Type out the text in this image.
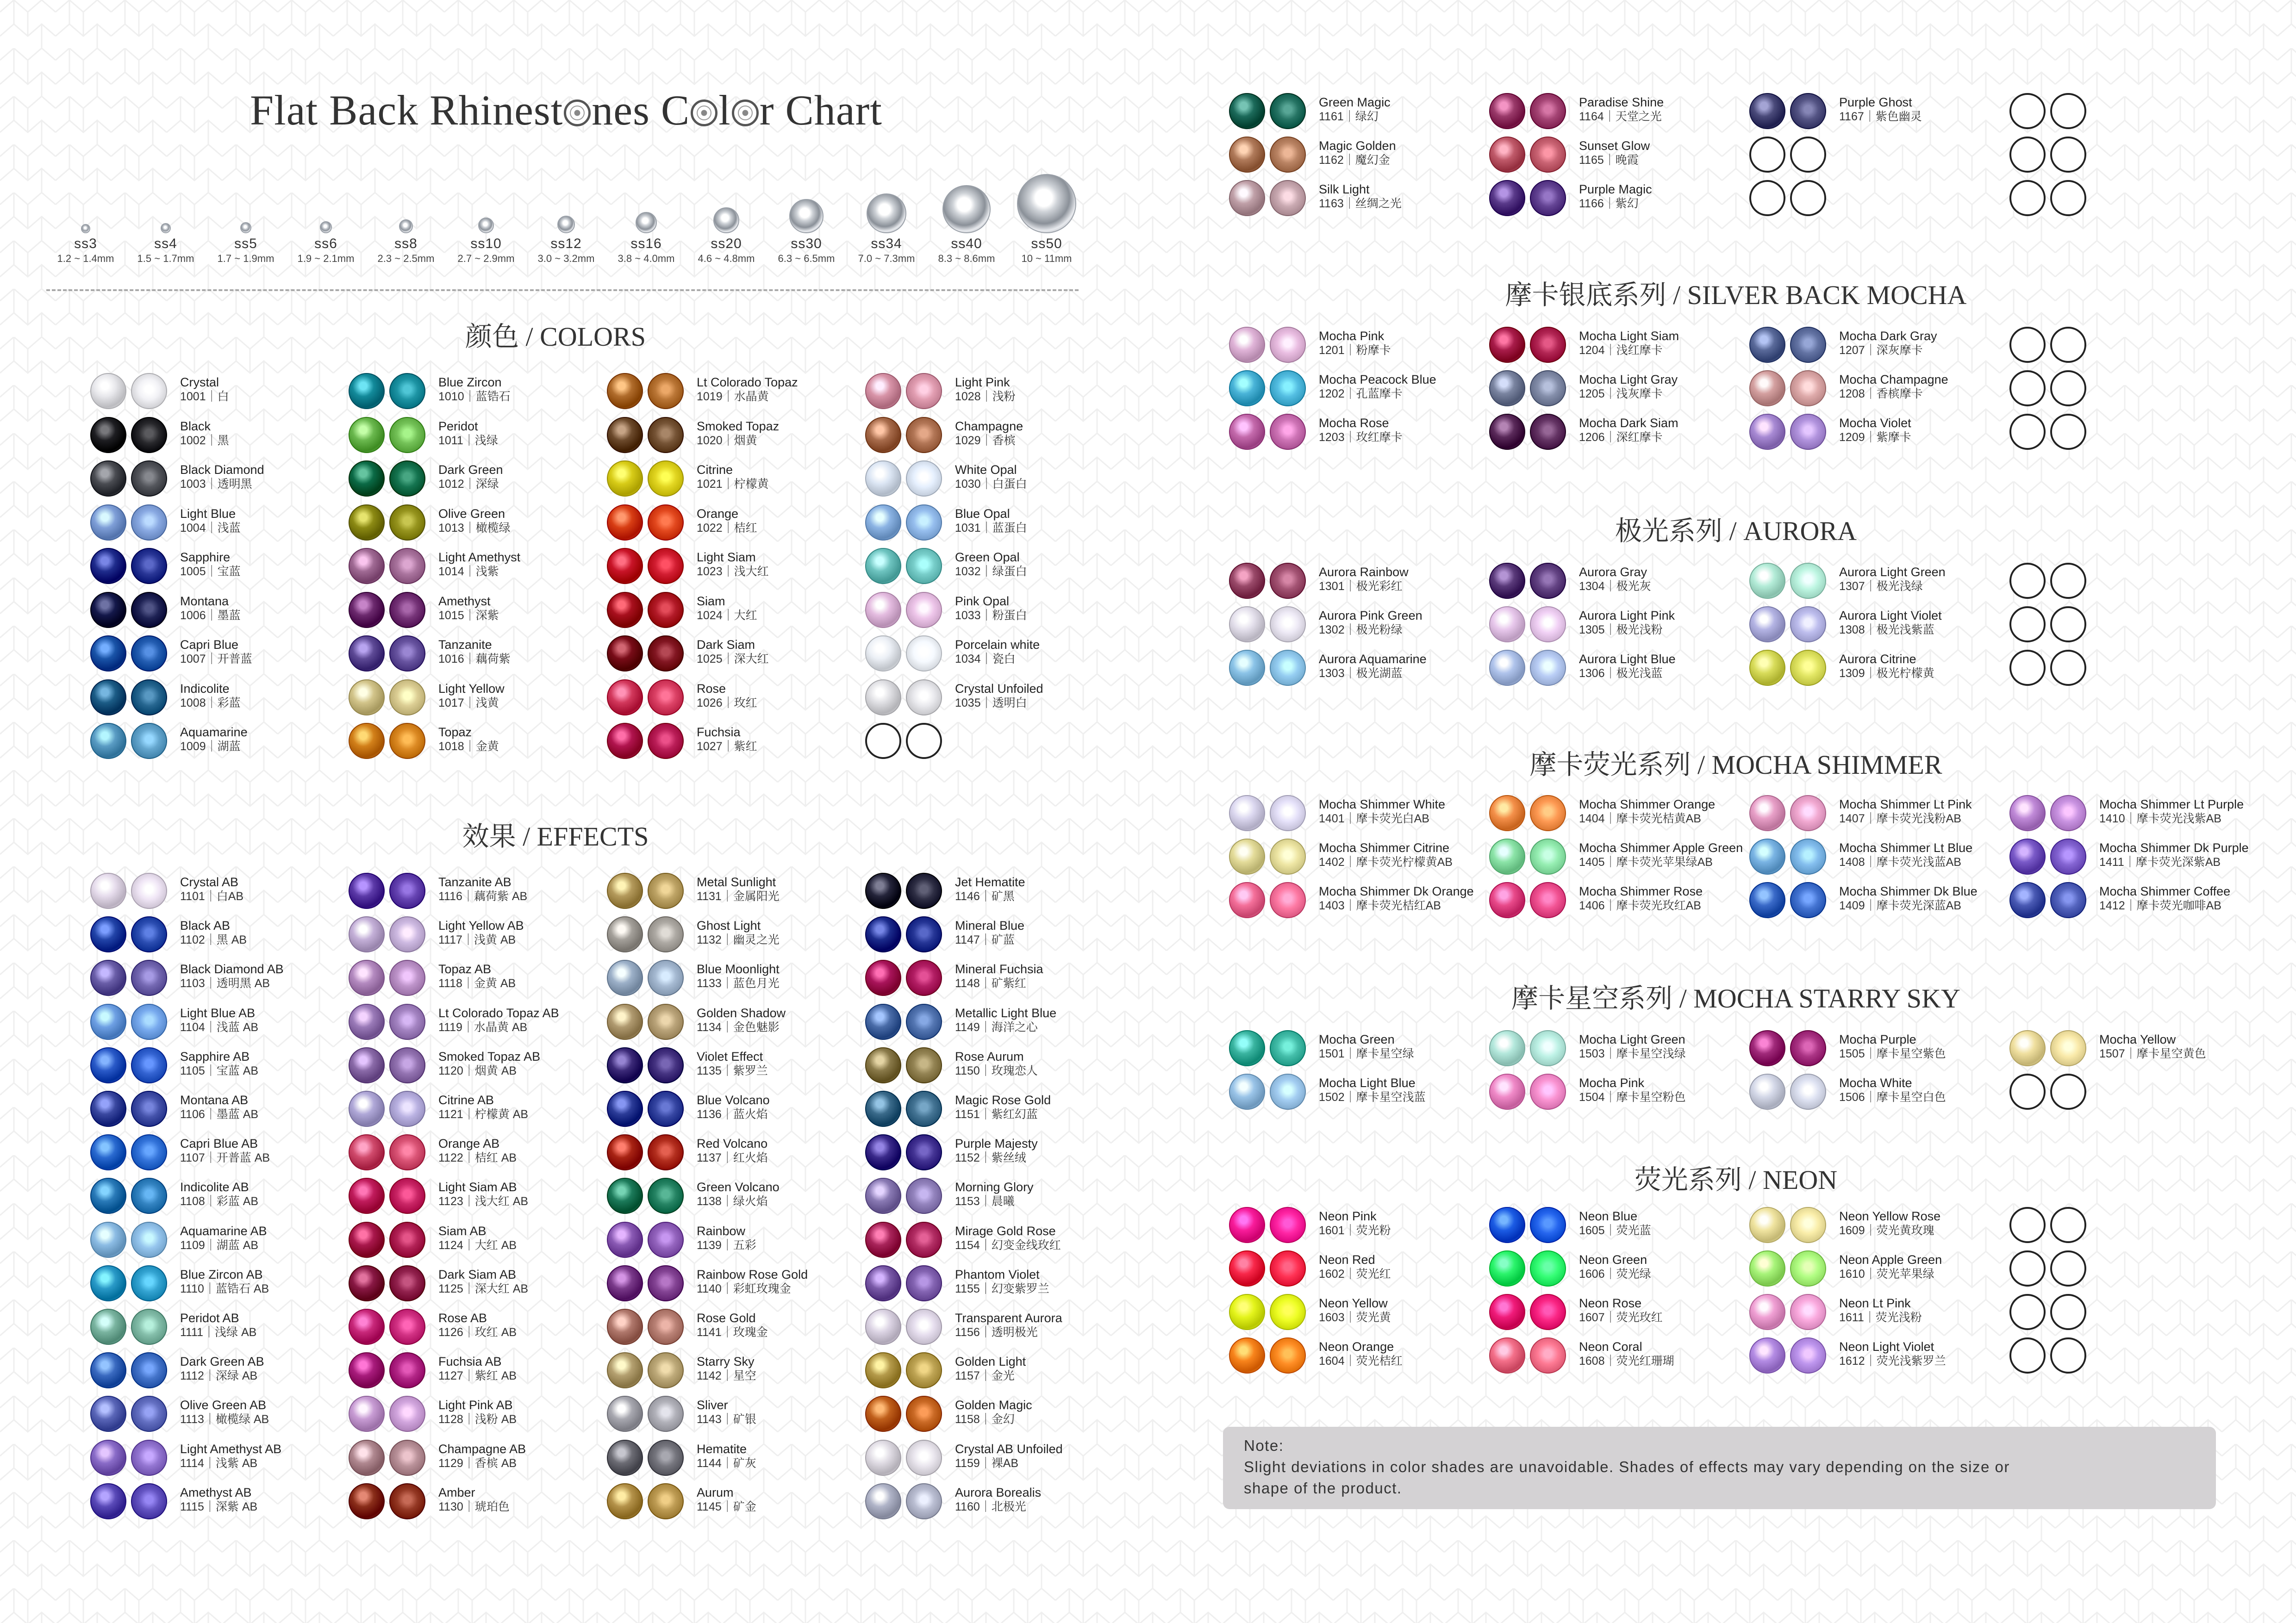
Flat Back Rhinest nes C l r Chart
ss3
1.2 ~ 1.4mm
ss4
1.5 ~ 1.7mm
ss5
1.7 ~ 1.9mm
ss6
1.9 ~ 2.1mm
ss8
2.3 ~ 2.5mm
ss10
2.7 ~ 2.9mm
ss12
3.0 ~ 3.2mm
ss16
3.8 ~ 4.0mm
ss20
4.6 ~ 4.8mm
ss30
6.3 ~ 6.5mm
ss34
7.0 ~ 7.3mm
ss40
8.3 ~ 8.6mm
ss50
10 ~ 11mm
颜色 / COLORS
Crystal
1001｜白
Black
1002｜黑
Black Diamond
1003｜透明黑
Light Blue
1004｜浅蓝
Sapphire
1005｜宝蓝
Montana
1006｜墨蓝
Capri Blue
1007｜开普蓝
Indicolite
1008｜彩蓝
Aquamarine
1009｜湖蓝
Blue Zircon
1010｜蓝锆石
Peridot
1011｜浅绿
Dark Green
1012｜深绿
Olive Green
1013｜橄榄绿
Light Amethyst
1014｜浅紫
Amethyst
1015｜深紫
Tanzanite
1016｜藕荷紫
Light Yellow
1017｜浅黄
Topaz
1018｜金黄
Lt Colorado Topaz
1019｜水晶黄
Smoked Topaz
1020｜烟黄
Citrine
1021｜柠檬黄
Orange
1022｜桔红
Light Siam
1023｜浅大红
Siam
1024｜大红
Dark Siam
1025｜深大红
Rose
1026｜玫红
Fuchsia
1027｜紫红
Light Pink
1028｜浅粉
Champagne
1029｜香槟
White Opal
1030｜白蛋白
Blue Opal
1031｜蓝蛋白
Green Opal
1032｜绿蛋白
Pink Opal
1033｜粉蛋白
Porcelain white
1034｜瓷白
Crystal Unfoiled
1035｜透明白
效果 / EFFECTS
Crystal AB
1101｜白AB
Black AB
1102｜黑 AB
Black Diamond AB
1103｜透明黑 AB
Light Blue AB
1104｜浅蓝 AB
Sapphire AB
1105｜宝蓝 AB
Montana AB
1106｜墨蓝 AB
Capri Blue AB
1107｜开普蓝 AB
Indicolite AB
1108｜彩蓝 AB
Aquamarine AB
1109｜湖蓝 AB
Blue Zircon AB
1110｜蓝锆石 AB
Peridot AB
1111｜浅绿 AB
Dark Green AB
1112｜深绿 AB
Olive Green AB
1113｜橄榄绿 AB
Light Amethyst AB
1114｜浅紫 AB
Amethyst AB
1115｜深紫 AB
Tanzanite AB
1116｜藕荷紫 AB
Light Yellow AB
1117｜浅黄 AB
Topaz AB
1118｜金黄 AB
Lt Colorado Topaz AB
1119｜水晶黄 AB
Smoked Topaz AB
1120｜烟黄 AB
Citrine AB
1121｜柠檬黄 AB
Orange AB
1122｜桔红 AB
Light Siam AB
1123｜浅大红 AB
Siam AB
1124｜大红 AB
Dark Siam AB
1125｜深大红 AB
Rose AB
1126｜玫红 AB
Fuchsia AB
1127｜紫红 AB
Light Pink AB
1128｜浅粉 AB
Champagne AB
1129｜香槟 AB
Amber
1130｜琥珀色
Metal Sunlight
1131｜金属阳光
Ghost Light
1132｜幽灵之光
Blue Moonlight
1133｜蓝色月光
Golden Shadow
1134｜金色魅影
Violet Effect
1135｜紫罗兰
Blue Volcano
1136｜蓝火焰
Red Volcano
1137｜红火焰
Green Volcano
1138｜绿火焰
Rainbow
1139｜五彩
Rainbow Rose Gold
1140｜彩虹玫瑰金
Rose Gold
1141｜玫瑰金
Starry Sky
1142｜星空
Sliver
1143｜矿银
Hematite
1144｜矿灰
Aurum
1145｜矿金
Jet Hematite
1146｜矿黑
Mineral Blue
1147｜矿蓝
Mineral Fuchsia
1148｜矿紫红
Metallic Light Blue
1149｜海洋之心
Rose Aurum
1150｜玫瑰恋人
Magic Rose Gold
1151｜紫红幻蓝
Purple Majesty
1152｜紫丝绒
Morning Glory
1153｜晨曦
Mirage Gold Rose
1154｜幻变金线玫红
Phantom Violet
1155｜幻变紫罗兰
Transparent Aurora
1156｜透明极光
Golden Light
1157｜金光
Golden Magic
1158｜金幻
Crystal AB Unfoiled
1159｜裸AB
Aurora Borealis
1160｜北极光
Green Magic
1161｜绿幻
Magic Golden
1162｜魔幻金
Silk Light
1163｜丝绸之光
Paradise Shine
1164｜天堂之光
Sunset Glow
1165｜晚霞
Purple Magic
1166｜紫幻
Purple Ghost
1167｜紫色幽灵
摩卡银底系列 / SILVER BACK MOCHA
Mocha Pink
1201｜粉摩卡
Mocha Peacock Blue
1202｜孔蓝摩卡
Mocha Rose
1203｜玫红摩卡
Mocha Light Siam
1204｜浅红摩卡
Mocha Light Gray
1205｜浅灰摩卡
Mocha Dark Siam
1206｜深红摩卡
Mocha Dark Gray
1207｜深灰摩卡
Mocha Champagne
1208｜香槟摩卡
Mocha Violet
1209｜紫摩卡
极光系列 / AURORA
Aurora Rainbow
1301｜极光彩红
Aurora Pink Green
1302｜极光粉绿
Aurora Aquamarine
1303｜极光湖蓝
Aurora Gray
1304｜极光灰
Aurora Light Pink
1305｜极光浅粉
Aurora Light Blue
1306｜极光浅蓝
Aurora Light Green
1307｜极光浅绿
Aurora Light Violet
1308｜极光浅紫蓝
Aurora Citrine
1309｜极光柠檬黄
摩卡荧光系列 / MOCHA SHIMMER
Mocha Shimmer White
1401｜摩卡荧光白AB
Mocha Shimmer Citrine
1402｜摩卡荧光柠檬黄AB
Mocha Shimmer Dk Orange
1403｜摩卡荧光桔红AB
Mocha Shimmer Orange
1404｜摩卡荧光桔黄AB
Mocha Shimmer Apple Green
1405｜摩卡荧光苹果绿AB
Mocha Shimmer Rose
1406｜摩卡荧光玫红AB
Mocha Shimmer Lt Pink
1407｜摩卡荧光浅粉AB
Mocha Shimmer Lt Blue
1408｜摩卡荧光浅蓝AB
Mocha Shimmer Dk Blue
1409｜摩卡荧光深蓝AB
Mocha Shimmer Lt Purple
1410｜摩卡荧光浅紫AB
Mocha Shimmer Dk Purple
1411｜摩卡荧光深紫AB
Mocha Shimmer Coffee
1412｜摩卡荧光咖啡AB
摩卡星空系列 / MOCHA STARRY SKY
Mocha Green
1501｜摩卡星空绿
Mocha Light Blue
1502｜摩卡星空浅蓝
Mocha Light Green
1503｜摩卡星空浅绿
Mocha Pink
1504｜摩卡星空粉色
Mocha Purple
1505｜摩卡星空紫色
Mocha White
1506｜摩卡星空白色
Mocha Yellow
1507｜摩卡星空黄色
荧光系列 / NEON
Neon Pink
1601｜荧光粉
Neon Red
1602｜荧光红
Neon Yellow
1603｜荧光黄
Neon Orange
1604｜荧光桔红
Neon Blue
1605｜荧光蓝
Neon Green
1606｜荧光绿
Neon Rose
1607｜荧光玫红
Neon Coral
1608｜荧光红珊瑚
Neon Yellow Rose
1609｜荧光黄玫瑰
Neon Apple Green
1610｜荧光苹果绿
Neon Lt Pink
1611｜荧光浅粉
Neon Light Violet
1612｜荧光浅紫罗兰
Note:
Slight deviations in color shades are unavoidable. Shades of effects may vary depending on the size or
shape of the product.
